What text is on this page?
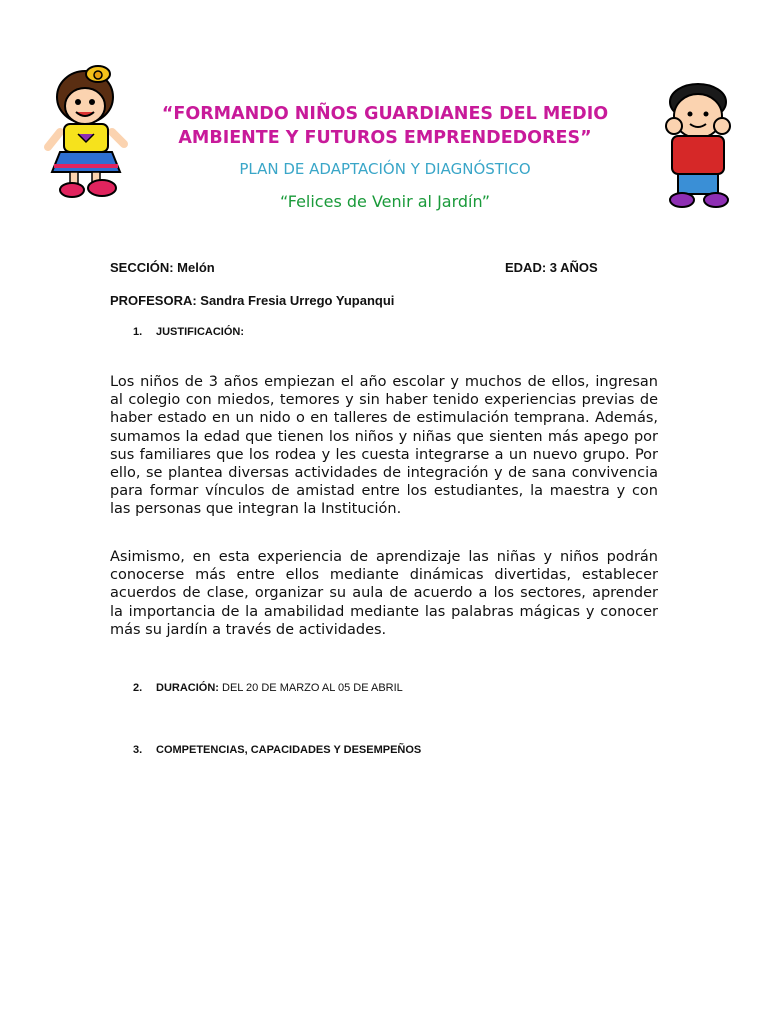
“FORMANDO NIÑOS GUARDIANES DEL MEDIO
AMBIENTE Y FUTUROS EMPRENDEDORES”
PLAN DE ADAPTACIÓN Y DIAGNÓSTICO
“Felices de Venir al Jardín”
SECCIÓN: Melón	EDAD: 3 AÑOS
PROFESORA: Sandra Fresia Urrego Yupanqui
1. JUSTIFICACIÓN:

Los niños de 3 años empiezan el año escolar y muchos de ellos, ingresan al colegio con miedos, temores y sin haber tenido experiencias previas de haber estado en un nido o en talleres de estimulación temprana. Además, sumamos la edad que tienen los niños y niñas que sienten más apego por sus familiares que los rodea y les cuesta integrarse a un nuevo grupo. Por ello, se plantea diversas actividades de integración y de sana convivencia para formar vínculos de amistad entre los estudiantes, la maestra y con las personas que integran la Institución.

Asimismo, en esta experiencia de aprendizaje las niñas y niños podrán conocerse más entre ellos mediante dinámicas divertidas, establecer acuerdos de clase, organizar su aula de acuerdo a los sectores, aprender la importancia de la amabilidad mediante las palabras mágicas y conocer más su jardín a través de actividades.

2. DURACIÓN: DEL 20 DE MARZO AL 05 DE ABRIL
3. COMPETENCIAS, CAPACIDADES Y DESEMPEÑOS
